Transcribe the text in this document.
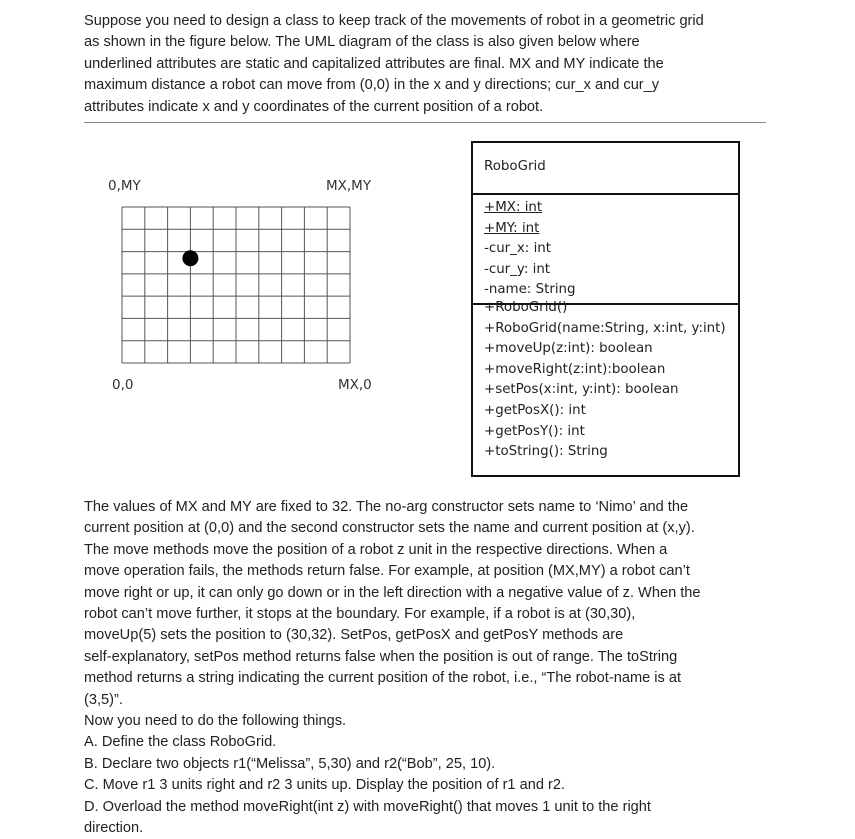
Suppose you need to design a class to keep track of the movements of robot in a geometric grid
as shown in the figure below. The UML diagram of the class is also given below where
underlined attributes are static and capitalized attributes are final. MX and MY indicate the
maximum distance a robot can move from (0,0) in the x and y directions; cur_x and cur_y
attributes indicate x and y coordinates of the current position of a robot.
0,MY	MX,MY
0,0	MX,0
RoboGrid
+MX: int
+MY: int
-cur_x: int
-cur_y: int
-name: String
+RoboGrid()
+RoboGrid(name:String, x:int, y:int)
+moveUp(z:int): boolean
+moveRight(z:int):boolean
+setPos(x:int, y:int): boolean
+getPosX(): int
+getPosY(): int
+toString(): String
The values of MX and MY are fixed to 32. The no-arg constructor sets name to ‘Nimo’ and the
current position at (0,0) and the second constructor sets the name and current position at (x,y).
The move methods move the position of a robot z unit in the respective directions. When a
move operation fails, the methods return false. For example, at position (MX,MY) a robot can’t
move right or up, it can only go down or in the left direction with a negative value of z. When the
robot can’t move further, it stops at the boundary. For example, if a robot is at (30,30),
moveUp(5) sets the position to (30,32). SetPos, getPosX and getPosY methods are
self-explanatory, setPos method returns false when the position is out of range. The toString
method returns a string indicating the current position of the robot, i.e., “The robot-name is at
(3,5)”.
Now you need to do the following things.
A. Define the class RoboGrid.
B. Declare two objects r1(“Melissa”, 5,30) and r2(“Bob”, 25, 10).
C. Move r1 3 units right and r2 3 units up. Display the position of r1 and r2.
D. Overload the method moveRight(int z) with moveRight() that moves 1 unit to the right
direction.
